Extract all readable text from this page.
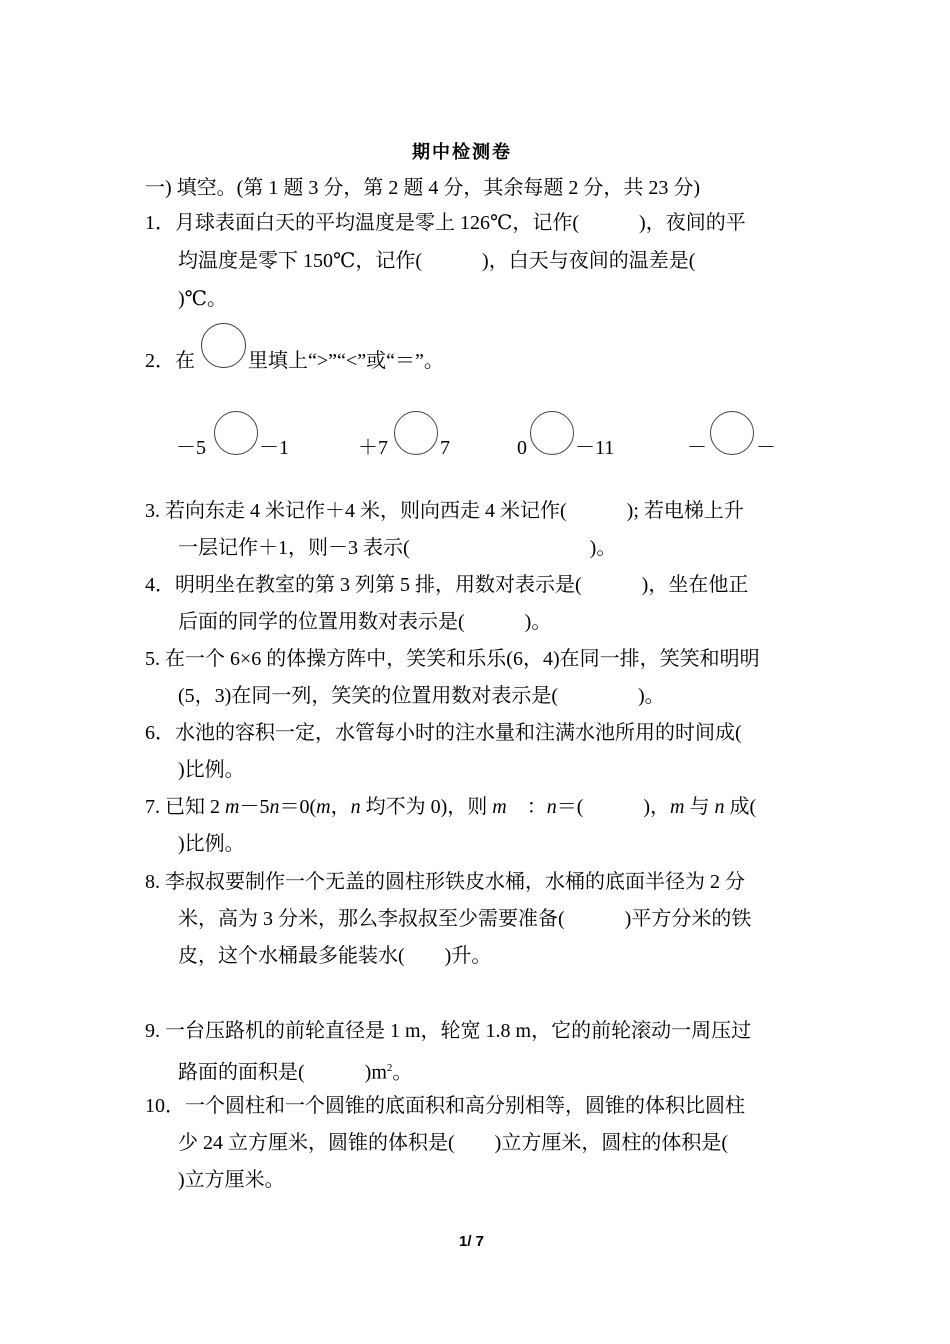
期中检测卷
一) 填空。(第 1 题 3 分，第 2 题 4 分，其余每题 2 分，共 23 分)
1．月球表面白天的平均温度是零上 126℃，记作(　　　)，夜间的平
均温度是零下 150℃，记作(　　　)，白天与夜间的温差是(
)℃。
2．在	里填上“>”“<”或“＝”。
－5	－1	＋7	7	0 －11	－ －
3. 若向东走 4 米记作＋4 米，则向西走 4 米记作(　　　); 若电梯上升
一层记作＋1，则－3 表示(　　　　　　　　　)。
4．明明坐在教室的第 3 列第 5 排，用数对表示是(　　　)，坐在他正
后面的同学的位置用数对表示是(　　　)。
5. 在一个 6×6 的体操方阵中，笑笑和乐乐(6，4)在同一排，笑笑和明明
(5，3)在同一列，笑笑的位置用数对表示是(　　　　)。
6．水池的容积一定，水管每小时的注水量和注满水池所用的时间成(
)比例。
7. 已知 2 m－5n＝0(m，n 均不为 0)，则 m　：n＝(　　　)，m 与 n 成(
)比例。
8. 李叔叔要制作一个无盖的圆柱形铁皮水桶，水桶的底面半径为 2 分
米，高为 3 分米，那么李叔叔至少需要准备(　　　)平方分米的铁
皮，这个水桶最多能装水(　　)升。
9. 一台压路机的前轮直径是 1 m，轮宽 1.8 m，它的前轮滚动一周压过
路面的面积是(　　　)$m^2$。
10．一个圆柱和一个圆锥的底面积和高分别相等，圆锥的体积比圆柱
少 24 立方厘米，圆锥的体积是(　　)立方厘米，圆柱的体积是(
)立方厘米。
1/ 7
